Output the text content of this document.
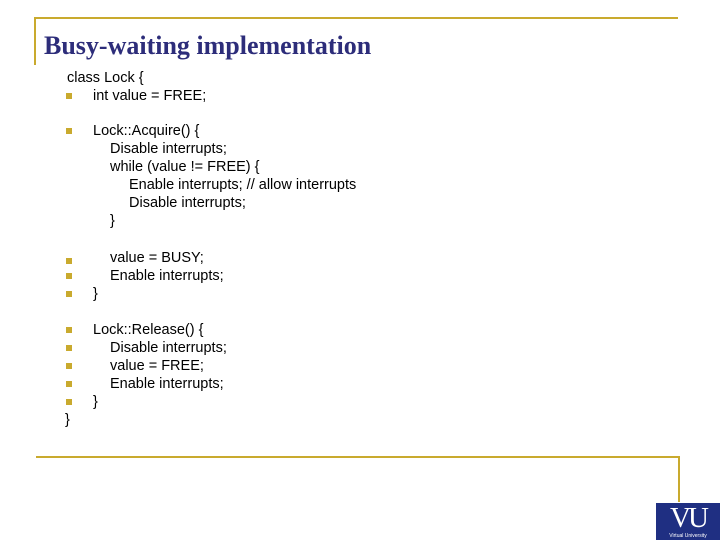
Busy-waiting implementation
class Lock {
int value = FREE;
Lock::Acquire() {
Disable interrupts;
while (value != FREE) {
Enable interrupts; // allow interrupts
Disable interrupts;
}
value = BUSY;
Enable interrupts;
}
Lock::Release() {
Disable interrupts;
value = FREE;
Enable interrupts;
}
}
VU
Virtual University
